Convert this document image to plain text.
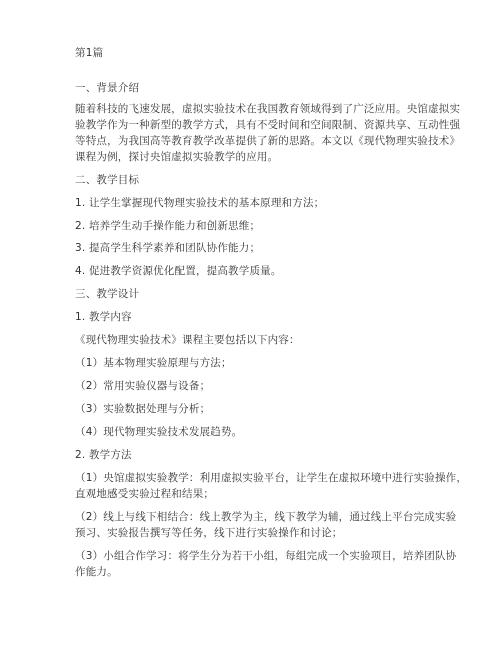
第1篇
一、背景介绍
随着科技的飞速发展，虚拟实验技术在我国教育领域得到了广泛应用。央馆虚拟实
验教学作为一种新型的教学方式，具有不受时间和空间限制、资源共享、互动性强
等特点，为我国高等教育教学改革提供了新的思路。本文以《现代物理实验技术》
课程为例，探讨央馆虚拟实验教学的应用。
二、教学目标
1. 让学生掌握现代物理实验技术的基本原理和方法；
2. 培养学生动手操作能力和创新思维；
3. 提高学生科学素养和团队协作能力；
4. 促进教学资源优化配置，提高教学质量。
三、教学设计
1. 教学内容
《现代物理实验技术》课程主要包括以下内容：
（1）基本物理实验原理与方法；
（2）常用实验仪器与设备；
（3）实验数据处理与分析；
（4）现代物理实验技术发展趋势。
2. 教学方法
（1）央馆虚拟实验教学：利用虚拟实验平台，让学生在虚拟环境中进行实验操作，
直观地感受实验过程和结果；
（2）线上与线下相结合：线上教学为主，线下教学为辅，通过线上平台完成实验
预习、实验报告撰写等任务，线下进行实验操作和讨论；
（3）小组合作学习：将学生分为若干小组，每组完成一个实验项目，培养团队协
作能力。
